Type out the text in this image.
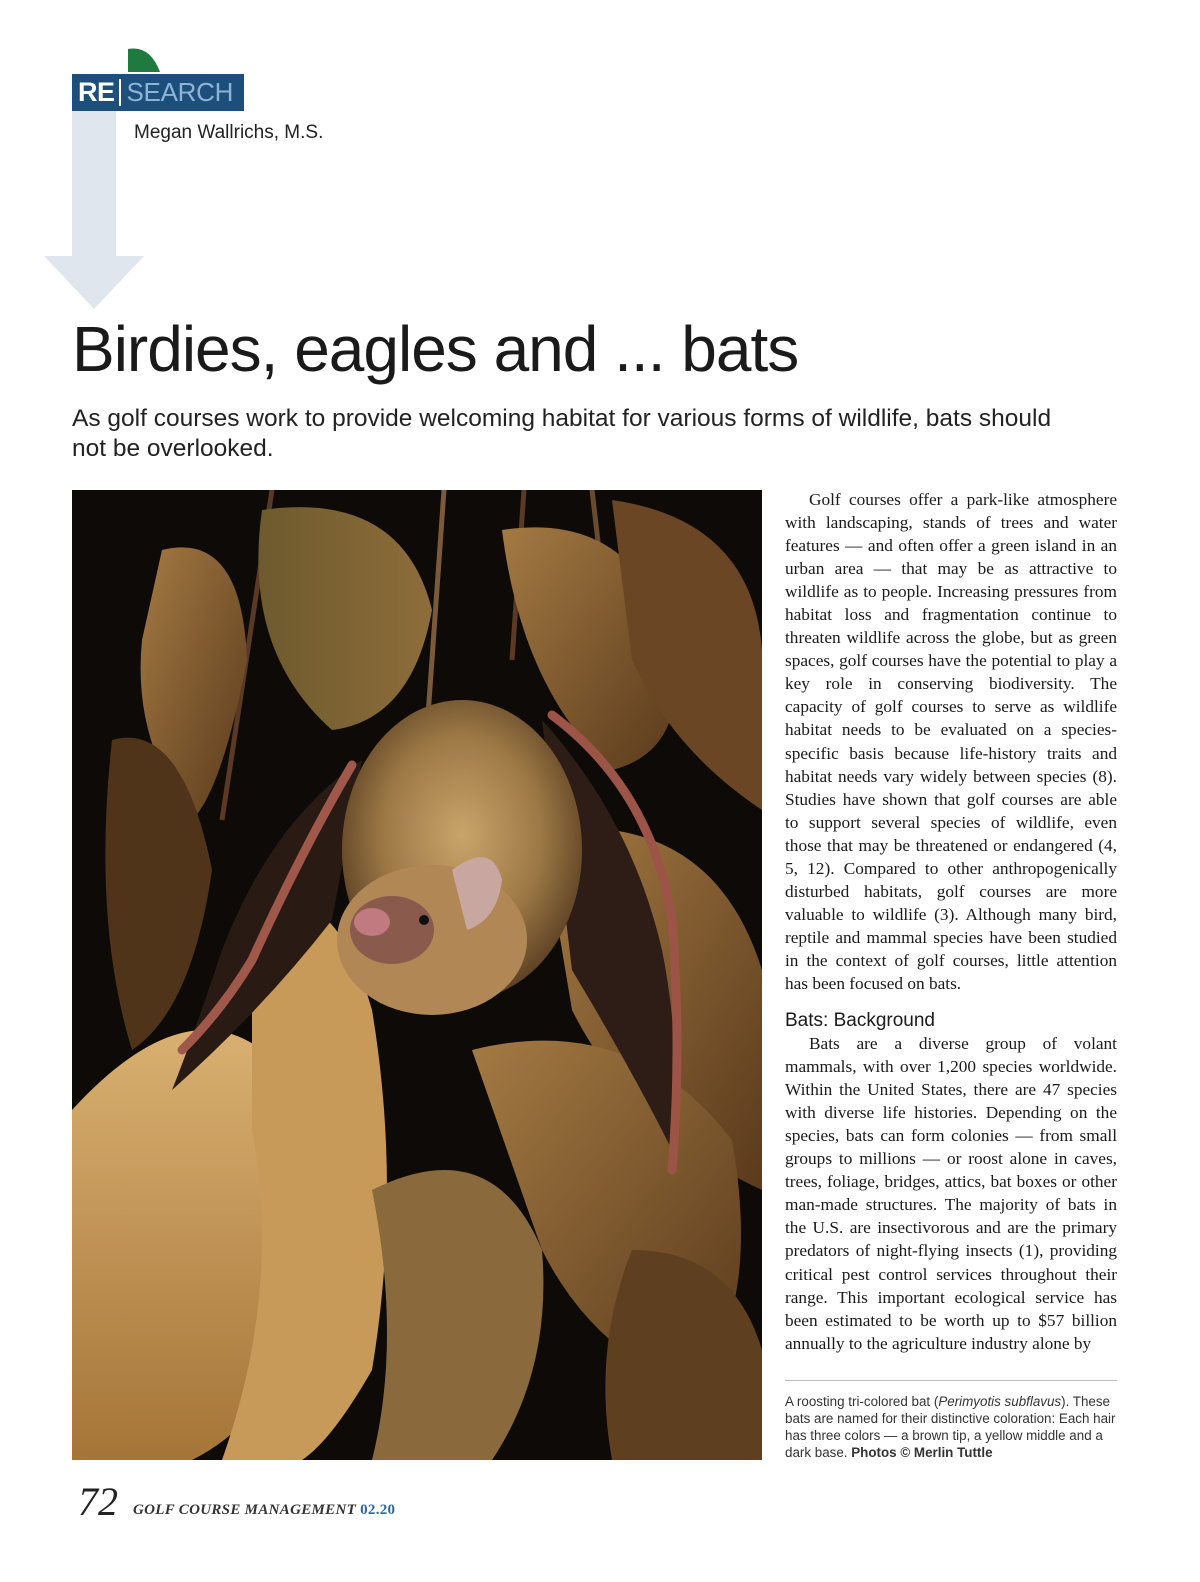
RE SEARCH
Megan Wallrichs, M.S.
Birdies, eagles and ... bats

As golf courses work to provide welcoming habitat for various forms of wildlife, bats should not be overlooked.

Golf courses offer a park-like atmosphere with landscaping, stands of trees and water features — and often offer a green island in an urban area — that may be as attractive to wildlife as to people. Increasing pressures from habitat loss and fragmentation continue to threaten wildlife across the globe, but as green spaces, golf courses have the potential to play a key role in conserving biodiversity. The capacity of golf courses to serve as wildlife habitat needs to be evaluated on a species-specific basis because life-history traits and habitat needs vary widely between species (8). Studies have shown that golf courses are able to support several species of wildlife, even those that may be threatened or endangered (4, 5, 12). Compared to other anthropogenically disturbed habitats, golf courses are more valuable to wildlife (3). Although many bird, reptile and mammal species have been studied in the context of golf courses, little attention has been focused on bats.

Bats: Background

Bats are a diverse group of volant mammals, with over 1,200 species worldwide. Within the United States, there are 47 species with diverse life histories. Depending on the species, bats can form colonies — from small groups to millions — or roost alone in caves, trees, foliage, bridges, attics, bat boxes or other man-made structures. The majority of bats in the U.S. are insectivorous and are the primary predators of night-flying insects (1), providing critical pest control services throughout their range. This important ecological service has been estimated to be worth up to $57 billion annually to the agriculture industry alone by

A roosting tri-colored bat (Perimyotis subflavus). These bats are named for their distinctive coloration: Each hair has three colors — a brown tip, a yellow middle and a dark base. Photos © Merlin Tuttle
72 GOLF COURSE MANAGEMENT 02.20
